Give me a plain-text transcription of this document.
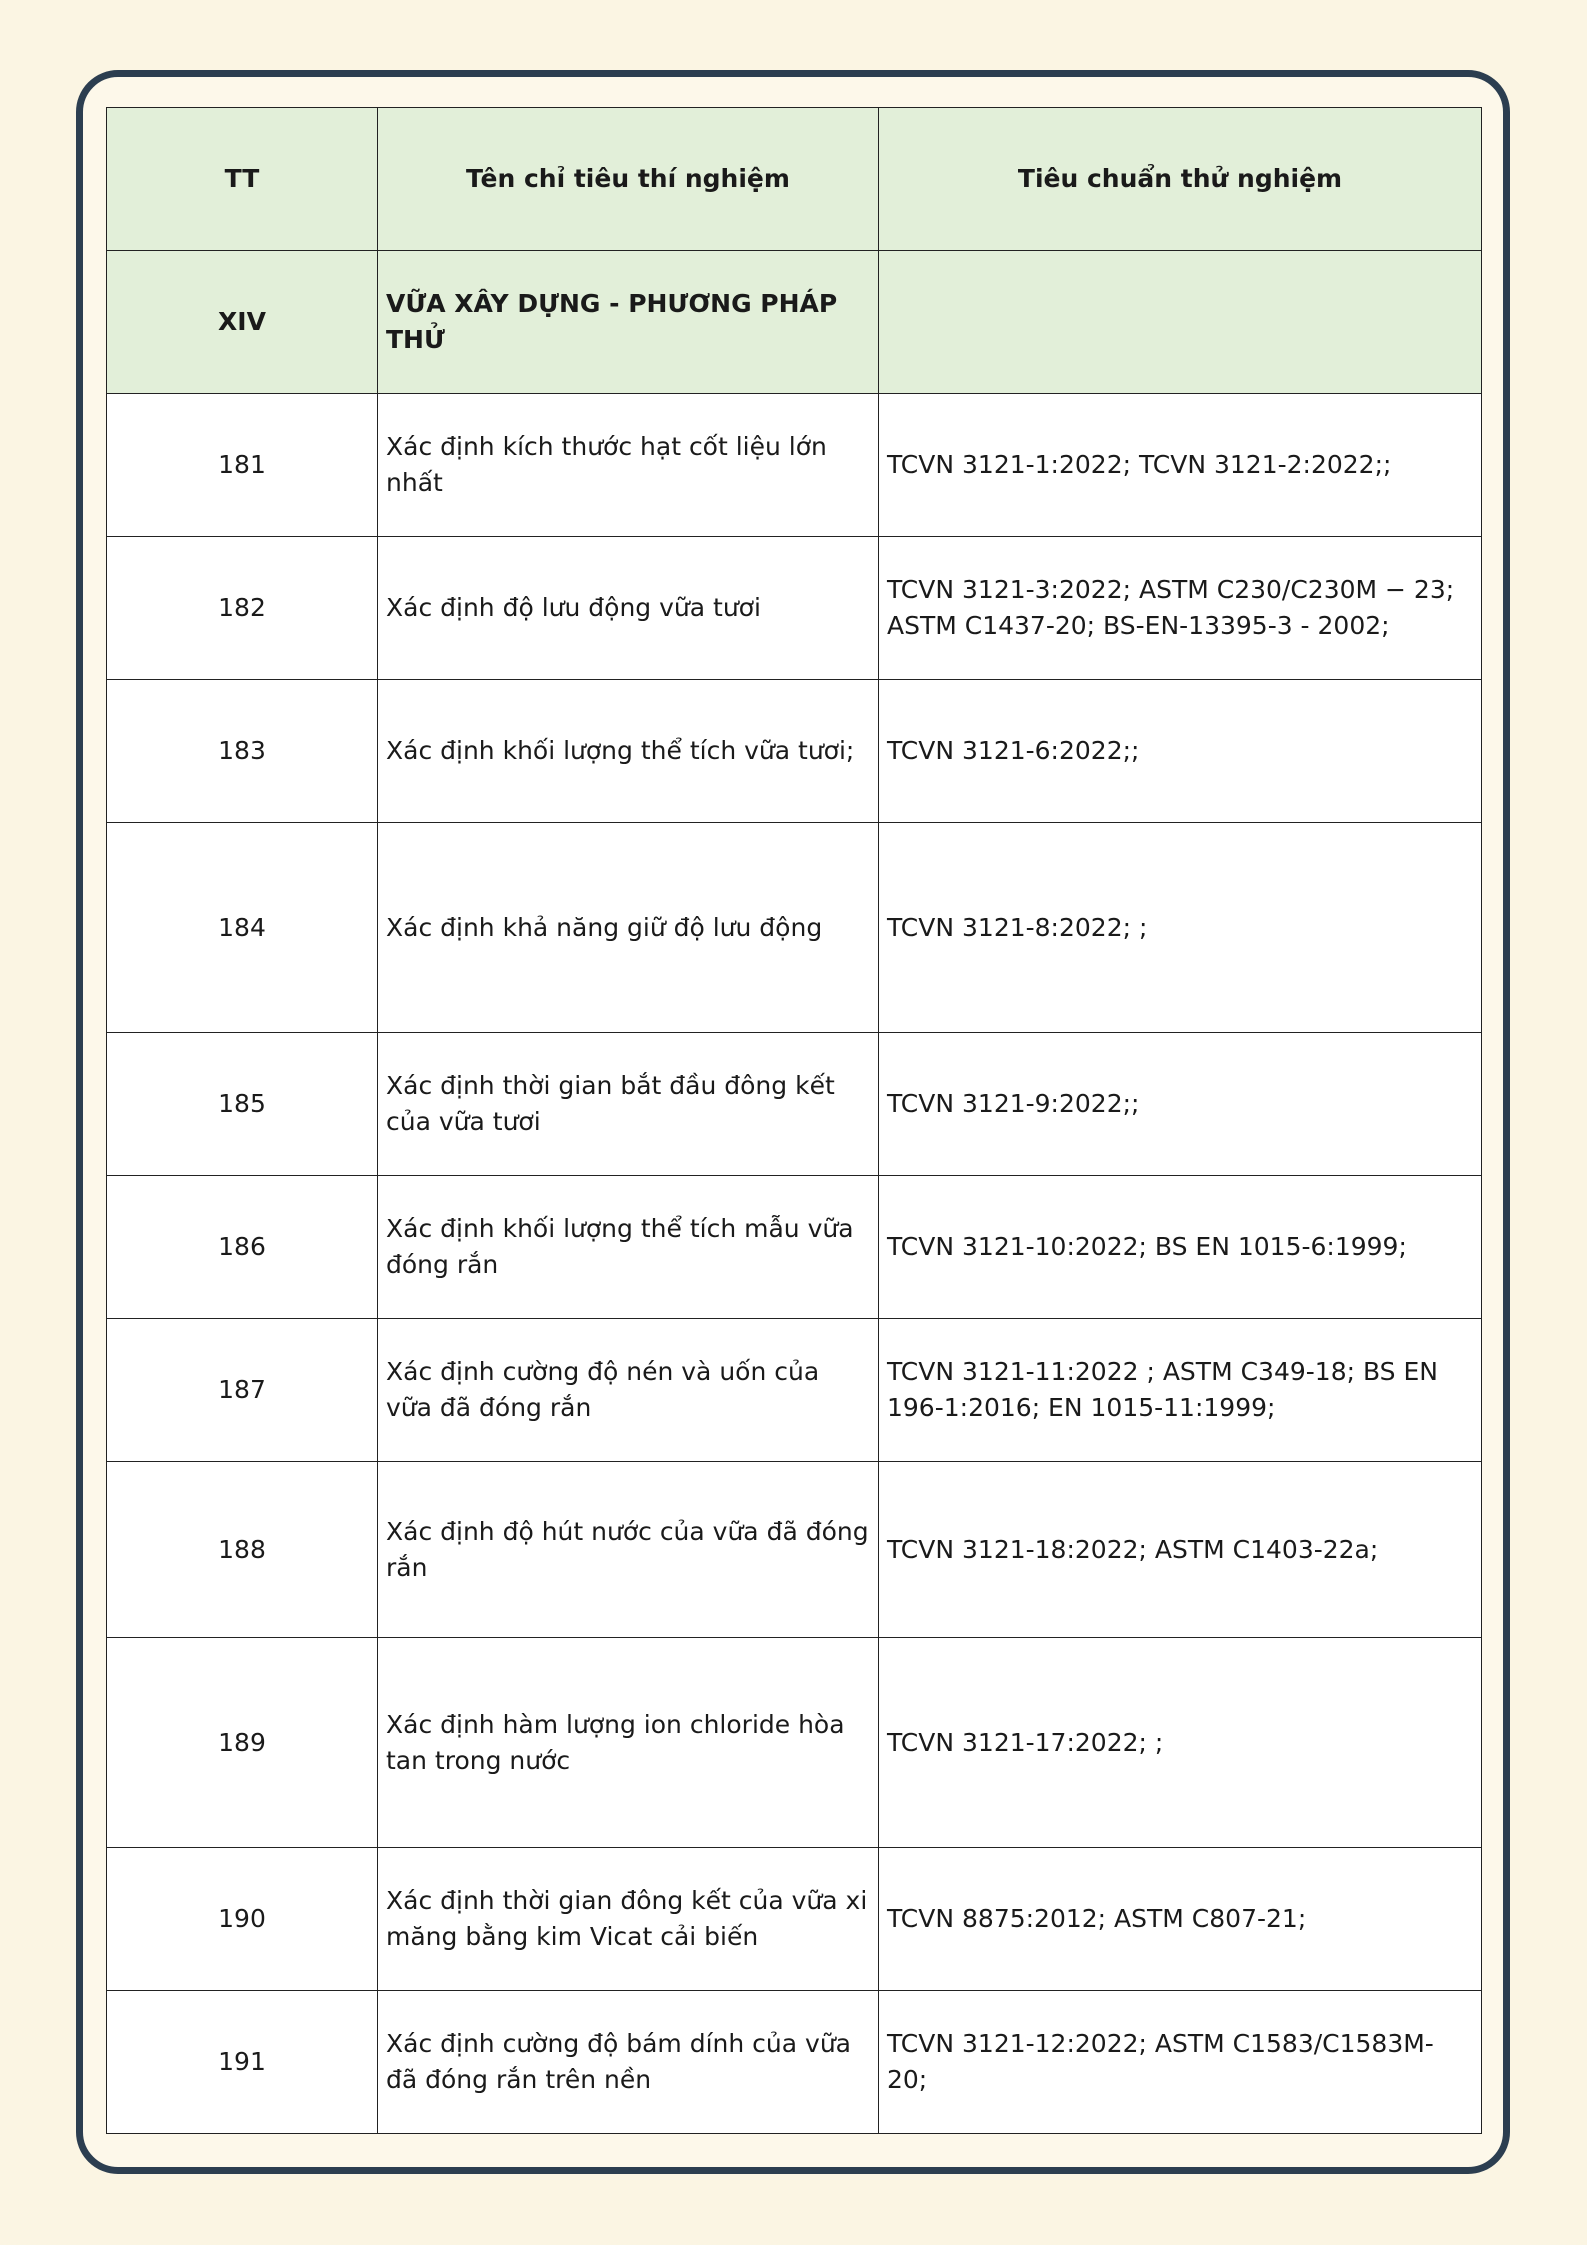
TT	Tên chỉ tiêu thí nghiệm	Tiêu chuẩn thử nghiệm
XIV	VỮA XÂY DỰNG - PHƯƠNG PHÁP THỬ	
181	Xác định kích thước hạt cốt liệu lớn nhất	TCVN 3121-1:2022; TCVN 3121-2:2022;;
182	Xác định độ lưu động vữa tươi	TCVN 3121-3:2022; ASTM C230/C230M − 23; ASTM C1437-20; BS-EN-13395-3 - 2002;
183	Xác định khối lượng thể tích vữa tươi;	TCVN 3121-6:2022;;
184	Xác định khả năng giữ độ lưu động	TCVN 3121-8:2022; ;
185	Xác định thời gian bắt đầu đông kết của vữa tươi	TCVN 3121-9:2022;;
186	Xác định khối lượng thể tích mẫu vữa đóng rắn	TCVN 3121-10:2022; BS EN 1015-6:1999;
187	Xác định cường độ nén và uốn của vữa đã đóng rắn	TCVN 3121-11:2022 ; ASTM C349-18; BS EN 196-1:2016; EN 1015-11:1999;
188	Xác định độ hút nước của vữa đã đóng rắn	TCVN 3121-18:2022; ASTM C1403-22a;
189	Xác định hàm lượng ion chloride hòa tan trong nước	TCVN 3121-17:2022; ;
190	Xác định thời gian đông kết của vữa xi măng bằng kim Vicat cải biến	TCVN 8875:2012; ASTM C807-21;
191	Xác định cường độ bám dính của vữa đã đóng rắn trên nền	TCVN 3121-12:2022; ASTM C1583/C1583M-20;
